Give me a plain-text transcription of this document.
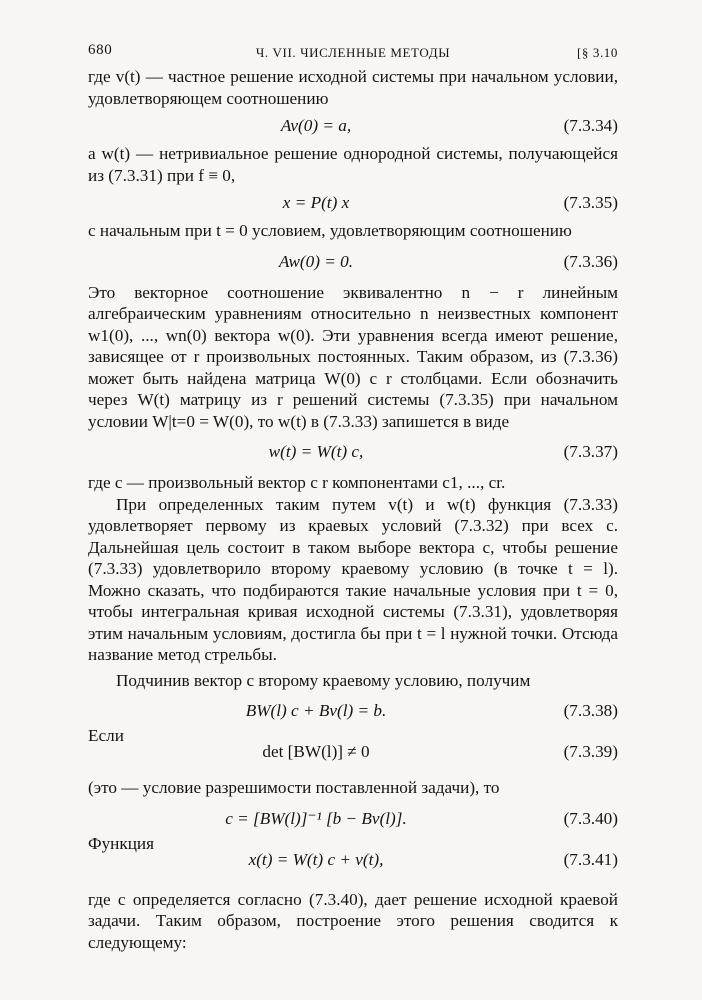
680	Ч. VII. ЧИСЛЕННЫЕ МЕТОДЫ	[§ 3.10

где v(t) — частное решение исходной системы при начальном условии, удовлетворяющем соотношению

Av(0) = a,	(7.3.34)

а w(t) — нетривиальное решение однородной системы, получающейся из (7.3.31) при f ≡ 0,

x = P(t) x	(7.3.35)

с начальным при t = 0 условием, удовлетворяющим соотношению

Aw(0) = 0.	(7.3.36)

Это векторное соотношение эквивалентно n − r линейным алгебраическим уравнениям относительно n неизвестных компонент w1(0), ..., wn(0) вектора w(0). Эти уравнения всегда имеют решение, зависящее от r произвольных постоянных. Таким образом, из (7.3.36) может быть найдена матрица W(0) с r столбцами. Если обозначить через W(t) матрицу из r решений системы (7.3.35) при начальном условии W|t=0 = W(0), то w(t) в (7.3.33) запишется в виде

w(t) = W(t) c,	(7.3.37)

где c — произвольный вектор с r компонентами c1, ..., cr.

При определенных таким путем v(t) и w(t) функция (7.3.33) удовлетворяет первому из краевых условий (7.3.32) при всех c. Дальнейшая цель состоит в таком выборе вектора c, чтобы решение (7.3.33) удовлетворило второму краевому условию (в точке t = l). Можно сказать, что подбираются такие начальные условия при t = 0, чтобы интегральная кривая исходной системы (7.3.31), удовлетворяя этим начальным условиям, достигла бы при t = l нужной точки. Отсюда название метод стрельбы.

Подчинив вектор c второму краевому условию, получим

BW(l) c + Bv(l) = b.	(7.3.38)
Если
det [BW(l)] ≠ 0	(7.3.39)

(это — условие разрешимости поставленной задачи), то

c = [BW(l)]⁻¹ [b − Bv(l)].	(7.3.40)
Функция
x(t) = W(t) c + v(t),	(7.3.41)

где c определяется согласно (7.3.40), дает решение исходной краевой задачи. Таким образом, построение этого решения сводится к следующему:
